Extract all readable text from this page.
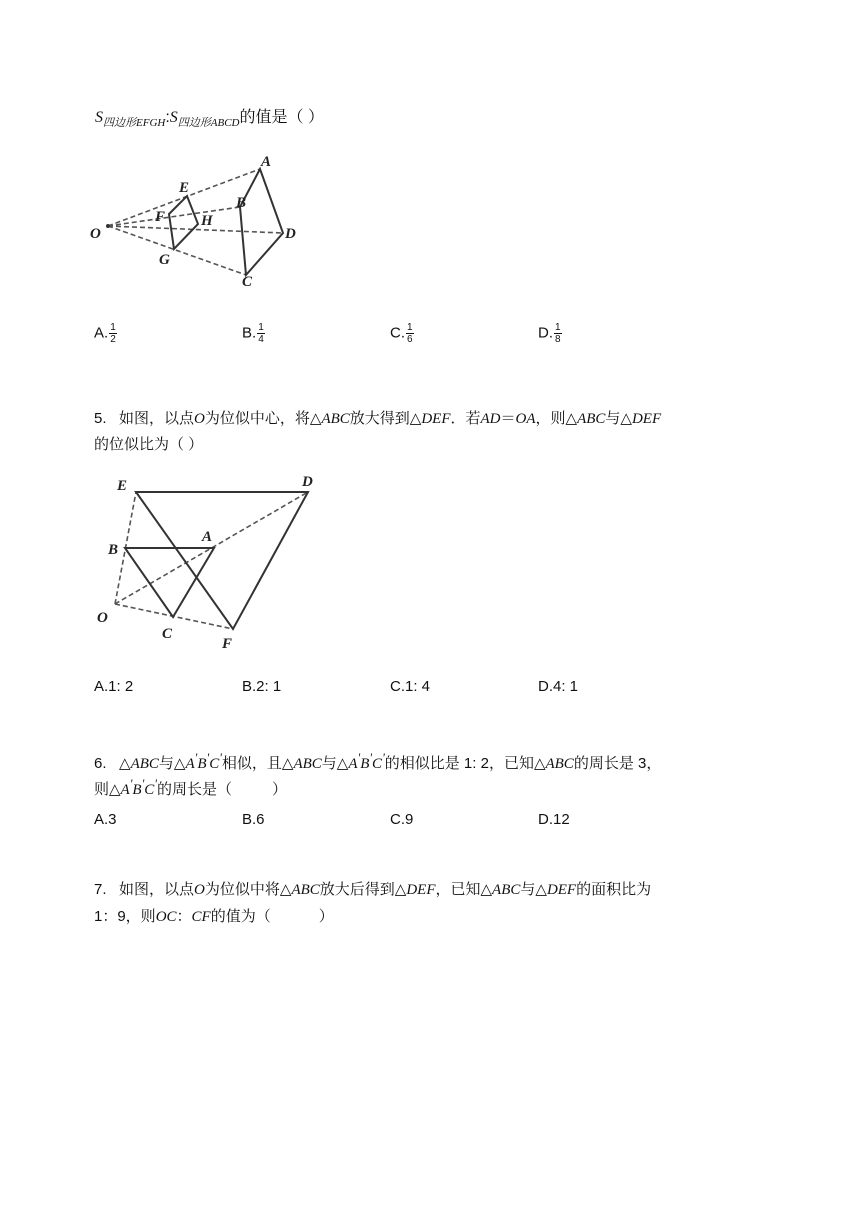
$S_{四边形EFGH}:S_{四边形ABCD}$的值是（ ）
A
B
D
C
E
F H
G
O
A. $\frac{1}{2}$	B. $\frac{1}{4}$	C. $\frac{1}{6}$	D. $\frac{1}{8}$
5. 如图，以点O为位似中心，将△ABC放大得到△DEF．若AD＝OA，则△ABC与△DEF
的位似比为（ ）
E	D
B
A
O
C
F
A.1: 2	B.2: 1	C.1: 4	D.4: 1
6. △ABC与△A'B'C'相似，且△ABC与△A'B'C'的相似比是 1: 2，已知△ABC的周长是 3，
则△A'B'C'的周长是（	）
A.3	B.6	C.9	D.12
7. 如图，以点O为位似中将△ABC放大后得到△DEF，已知△ABC与△DEF的面积比为
1：9，则OC：CF的值为（	）
